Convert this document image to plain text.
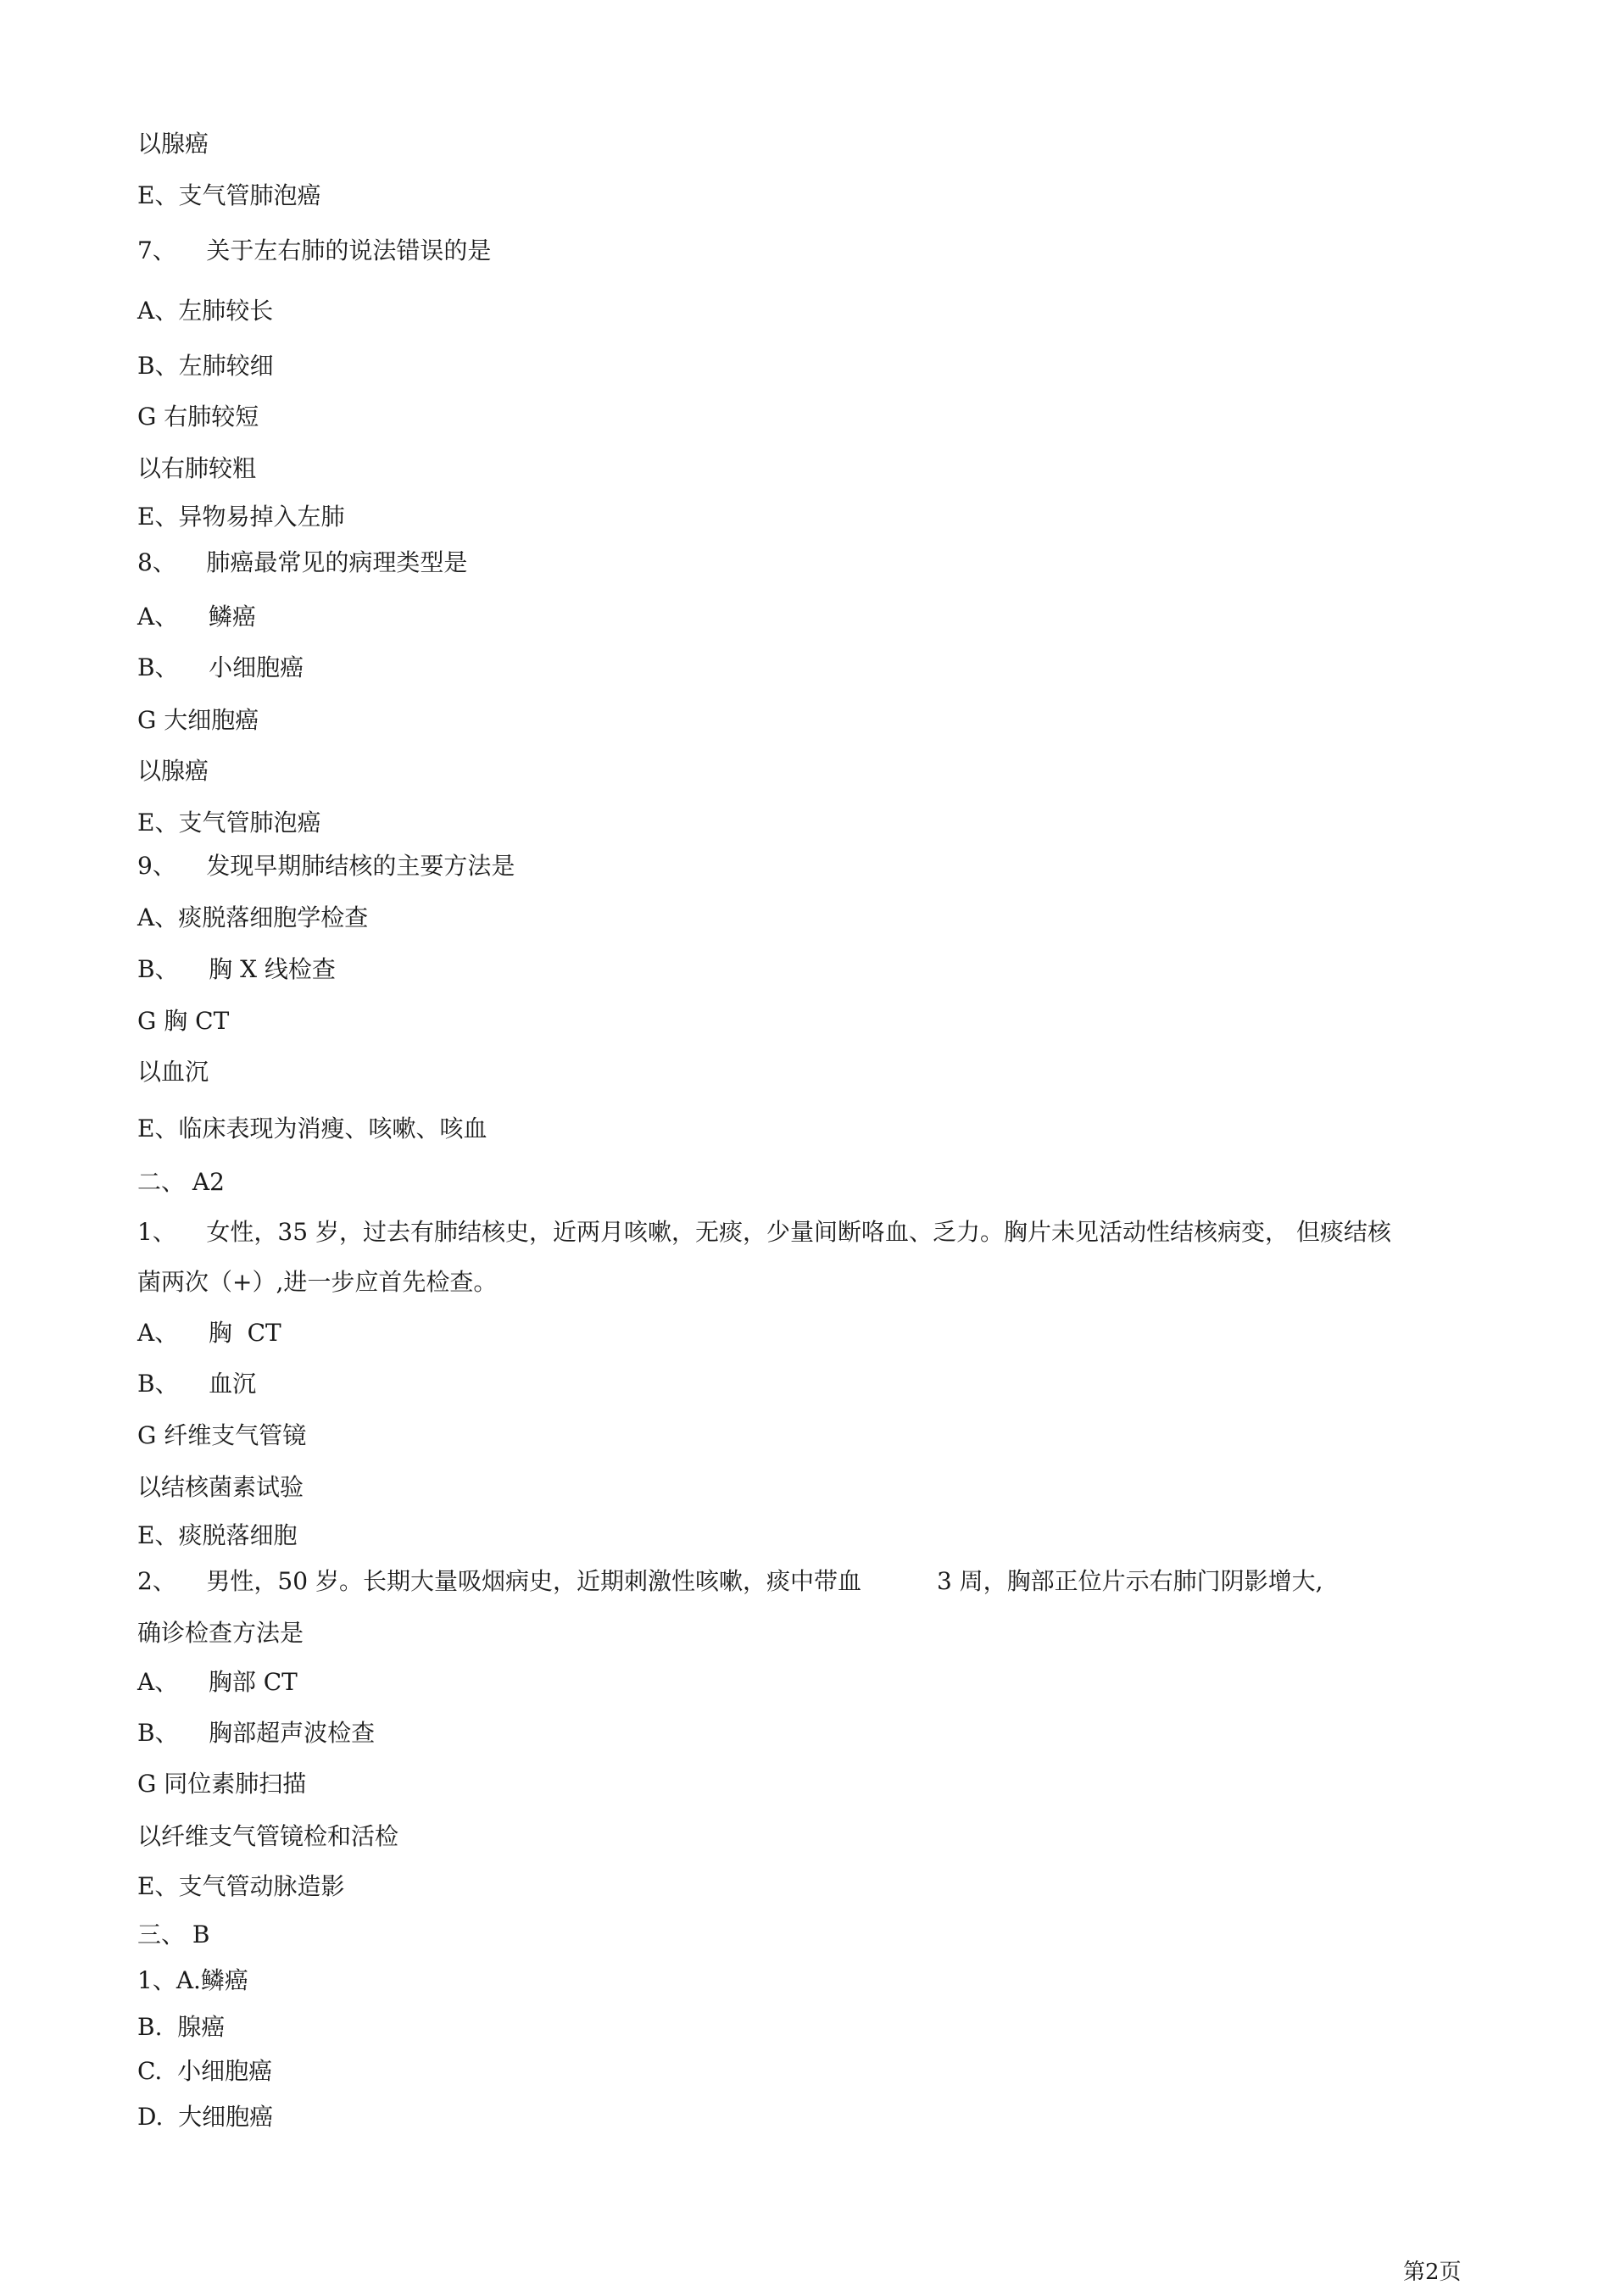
以腺癌
E、支气管肺泡癌
7、    关于左右肺的说法错误的是
A、左肺较长
B、左肺较细
G 右肺较短
以右肺较粗
E、异物易掉入左肺
8、    肺癌最常见的病理类型是
A、    鳞癌
B、    小细胞癌
G 大细胞癌
以腺癌
E、支气管肺泡癌
9、    发现早期肺结核的主要方法是
A、痰脱落细胞学检查
B、    胸 X 线检查
G 胸 CT
以血沉
E、临床表现为消瘦、咳嗽、咳血
二、 A2
1、    女性，35 岁，过去有肺结核史，近两月咳嗽，无痰，少量间断咯血、乏力。胸片未见活动性结核病变， 但痰结核
菌两次（+）,进一步应首先检查。
A、    胸  CT
B、    血沉
G 纤维支气管镜
以结核菌素试验
E、痰脱落细胞
2、    男性，50 岁。长期大量吸烟病史，近期刺激性咳嗽，痰中带血          3 周，胸部正位片示右肺门阴影增大,
确诊检查方法是
A、    胸部 CT
B、    胸部超声波检查
G 同位素肺扫描
以纤维支气管镜检和活检
E、支气管动脉造影
三、 B
1、A.鳞癌
B.  腺癌
C.  小细胞癌
D.  大细胞癌
第2页
